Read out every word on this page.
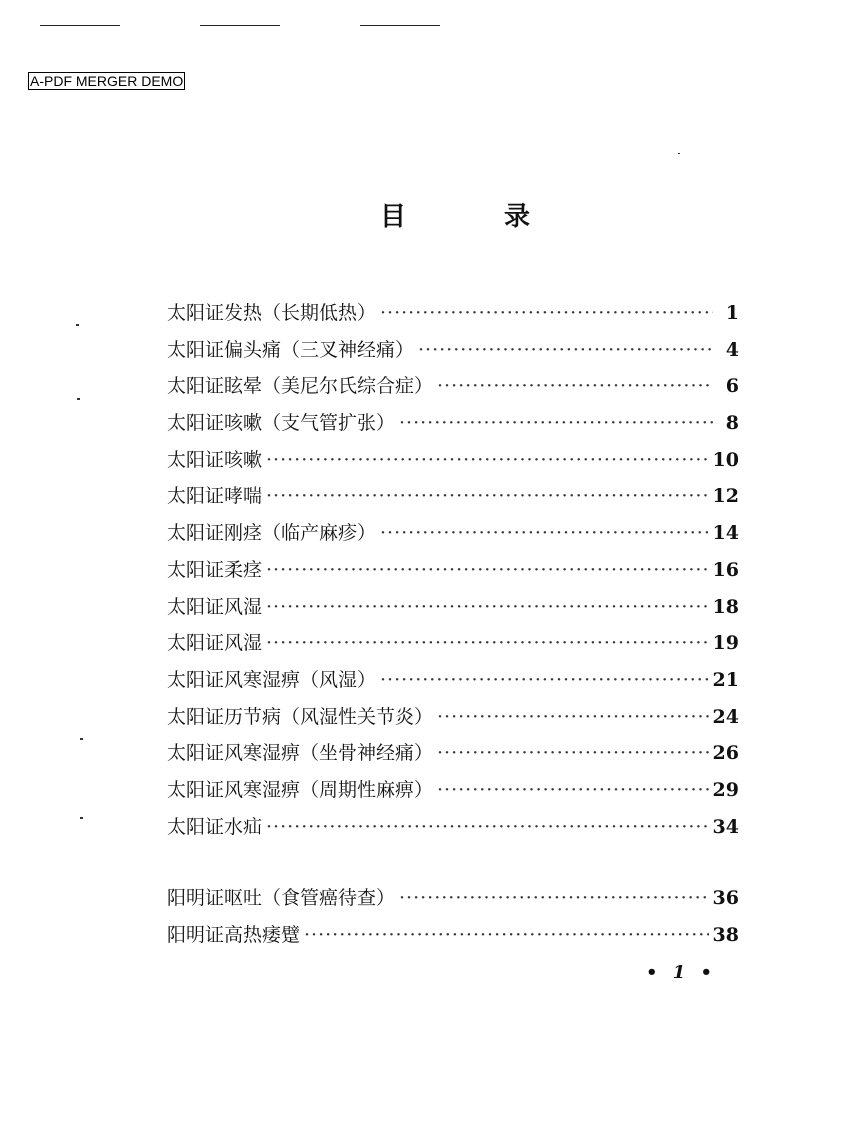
A-PDF MERGER DEMO
目	录
太阳证发热（长期低热） ·····	1
太阳证偏头痛（三叉神经痛） ·····	4
太阳证眩晕（美尼尔氏综合症） ·····	6
太阳证咳嗽（支气管扩张） ·····	8
太阳证咳嗽 ·····	10
太阳证哮喘 ·····	12
太阳证刚痉（临产麻疹） ·····	14
太阳证柔痉 ·····	16
太阳证风湿 ·····	18
太阳证风湿 ·····	19
太阳证风寒湿痹（风湿） ·····	21
太阳证历节病（风湿性关节炎） ·····	24
太阳证风寒湿痹（坐骨神经痛） ·····	26
太阳证风寒湿痹（周期性麻痹） ·····	29
太阳证水疝 ·····	34
阳明证呕吐（食管癌待查） ·····	36
阳明证高热痿躄 ·····	38
• 1 •
